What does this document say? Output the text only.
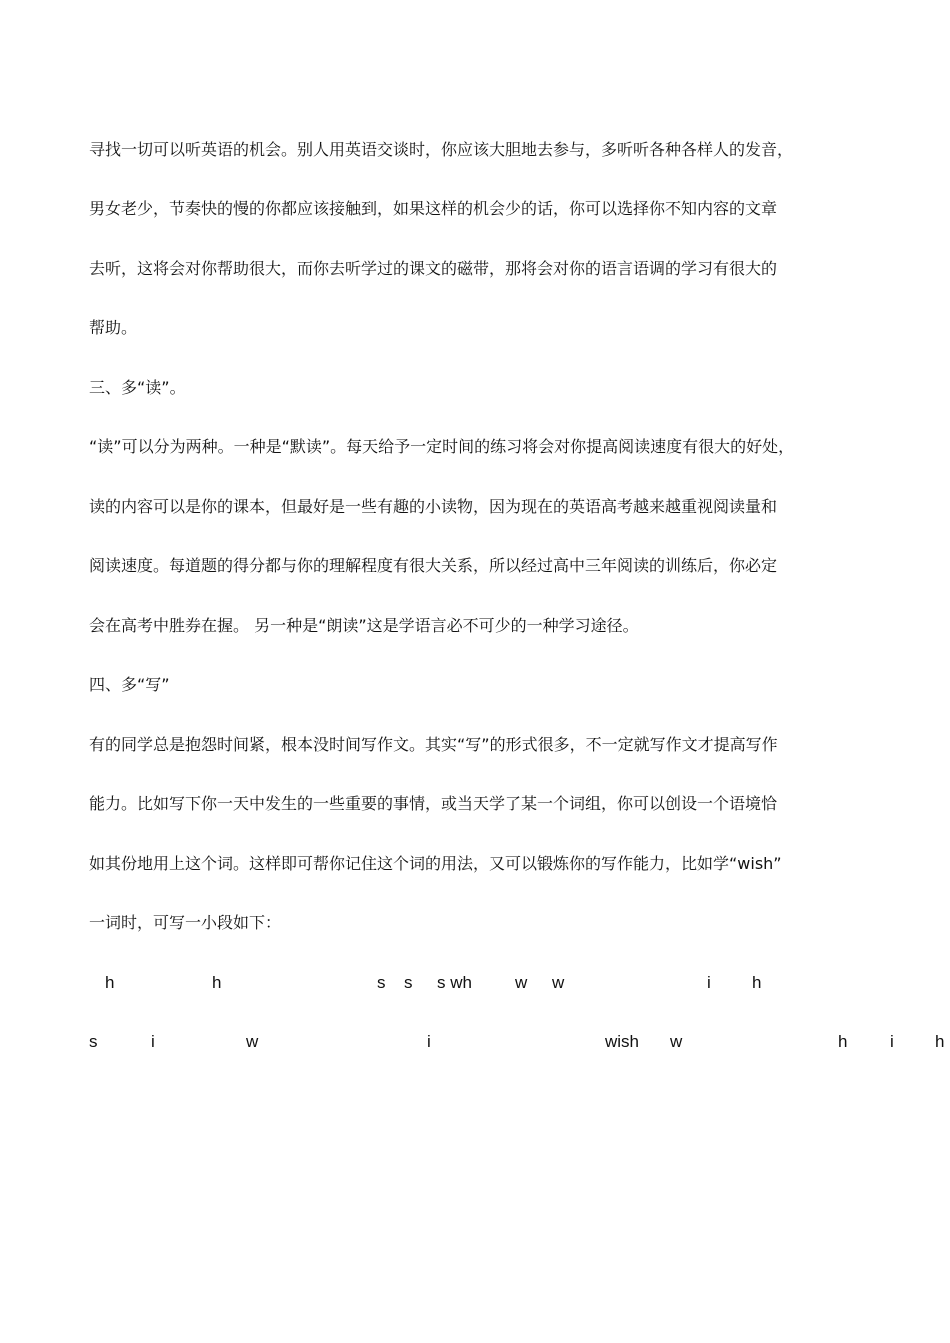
寻找一切可以听英语的机会。别人用英语交谈时，你应该大胆地去参与，多听听各种各样人的发音，
男女老少，节奏快的慢的你都应该接触到，如果这样的机会少的话，你可以选择你不知内容的文章
去听，这将会对你帮助很大，而你去听学过的课文的磁带，那将会对你的语言语调的学习有很大的
帮助。
三、多“读”。
“读”可以分为两种。一种是“默读”。每天给予一定时间的练习将会对你提高阅读速度有很大的好处，
读的内容可以是你的课本，但最好是一些有趣的小读物，因为现在的英语高考越来越重视阅读量和
阅读速度。每道题的得分都与你的理解程度有很大关系，所以经过高中三年阅读的训练后，你必定
会在高考中胜券在握。 另一种是“朗读”这是学语言必不可少的一种学习途径。
四、多“写”
有的同学总是抱怨时间紧，根本没时间写作文。其实“写”的形式很多，不一定就写作文才提高写作
能力。比如写下你一天中发生的一些重要的事情，或当天学了某一个词组，你可以创设一个语境恰
如其份地用上这个词。这样即可帮你记住这个词的用法，又可以锻炼你的写作能力，比如学“wish”
一词时，可写一小段如下：
h	h	s s s wh	w w	i h
s	i	w	i	wish w	h	i h
